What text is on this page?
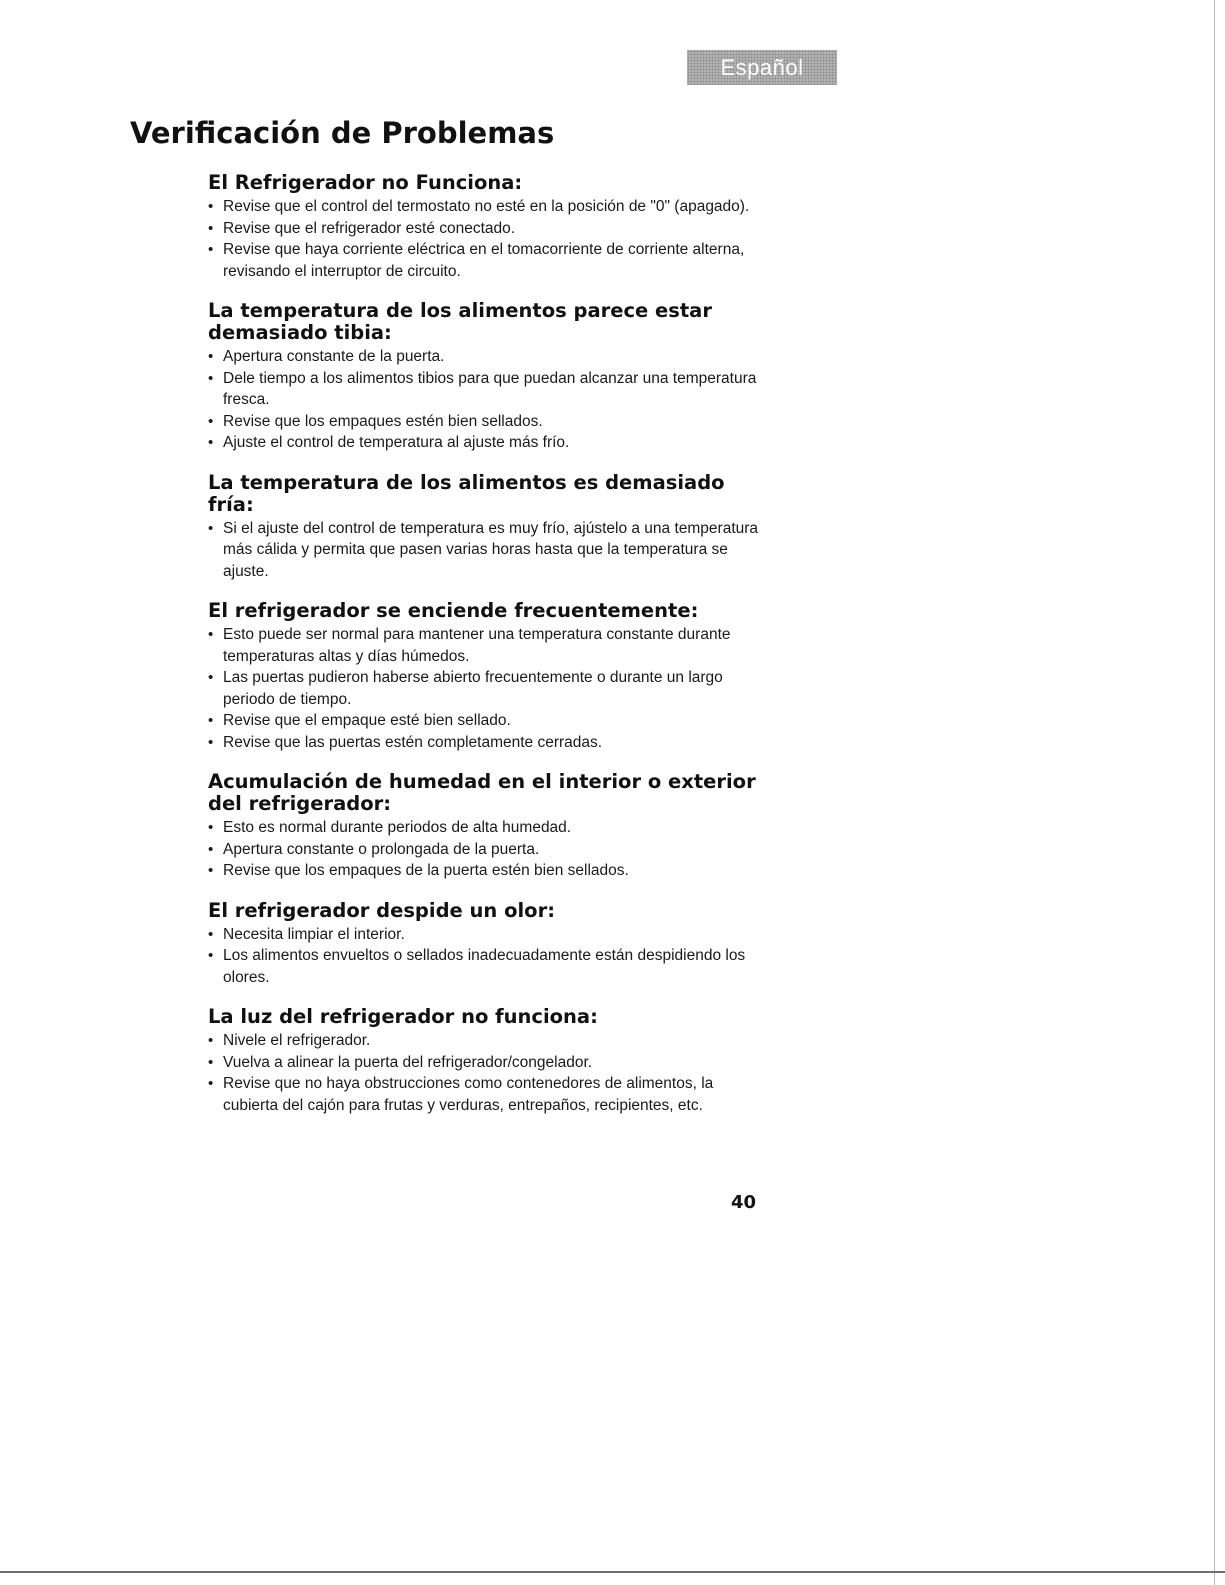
Español
Verificación de Problemas
El Refrigerador no Funciona:
• Revise que el control del termostato no esté en la posición de "0" (apagado).
• Revise que el refrigerador esté conectado.
• Revise que haya corriente eléctrica en el tomacorriente de corriente alterna, revisando el interruptor de circuito.
La temperatura de los alimentos parece estar demasiado tibia:
• Apertura constante de la puerta.
• Dele tiempo a los alimentos tibios para que puedan alcanzar una temperatura fresca.
• Revise que los empaques estén bien sellados.
• Ajuste el control de temperatura al ajuste más frío.
La temperatura de los alimentos es demasiado fría:
• Si el ajuste del control de temperatura es muy frío, ajústelo a una temperatura más cálida y permita que pasen varias horas hasta que la temperatura se ajuste.
El refrigerador se enciende frecuentemente:
• Esto puede ser normal para mantener una temperatura constante durante temperaturas altas y días húmedos.
• Las puertas pudieron haberse abierto frecuentemente o durante un largo periodo de tiempo.
• Revise que el empaque esté bien sellado.
• Revise que las puertas estén completamente cerradas.
Acumulación de humedad en el interior o exterior del refrigerador:
• Esto es normal durante periodos de alta humedad.
• Apertura constante o prolongada de la puerta.
• Revise que los empaques de la puerta estén bien sellados.
El refrigerador despide un olor:
• Necesita limpiar el interior.
• Los alimentos envueltos o sellados inadecuadamente están despidiendo los olores.
La luz del refrigerador no funciona:
• Nivele el refrigerador.
• Vuelva a alinear la puerta del refrigerador/congelador.
• Revise que no haya obstrucciones como contenedores de alimentos, la cubierta del cajón para frutas y verduras, entrepaños, recipientes, etc.
40
